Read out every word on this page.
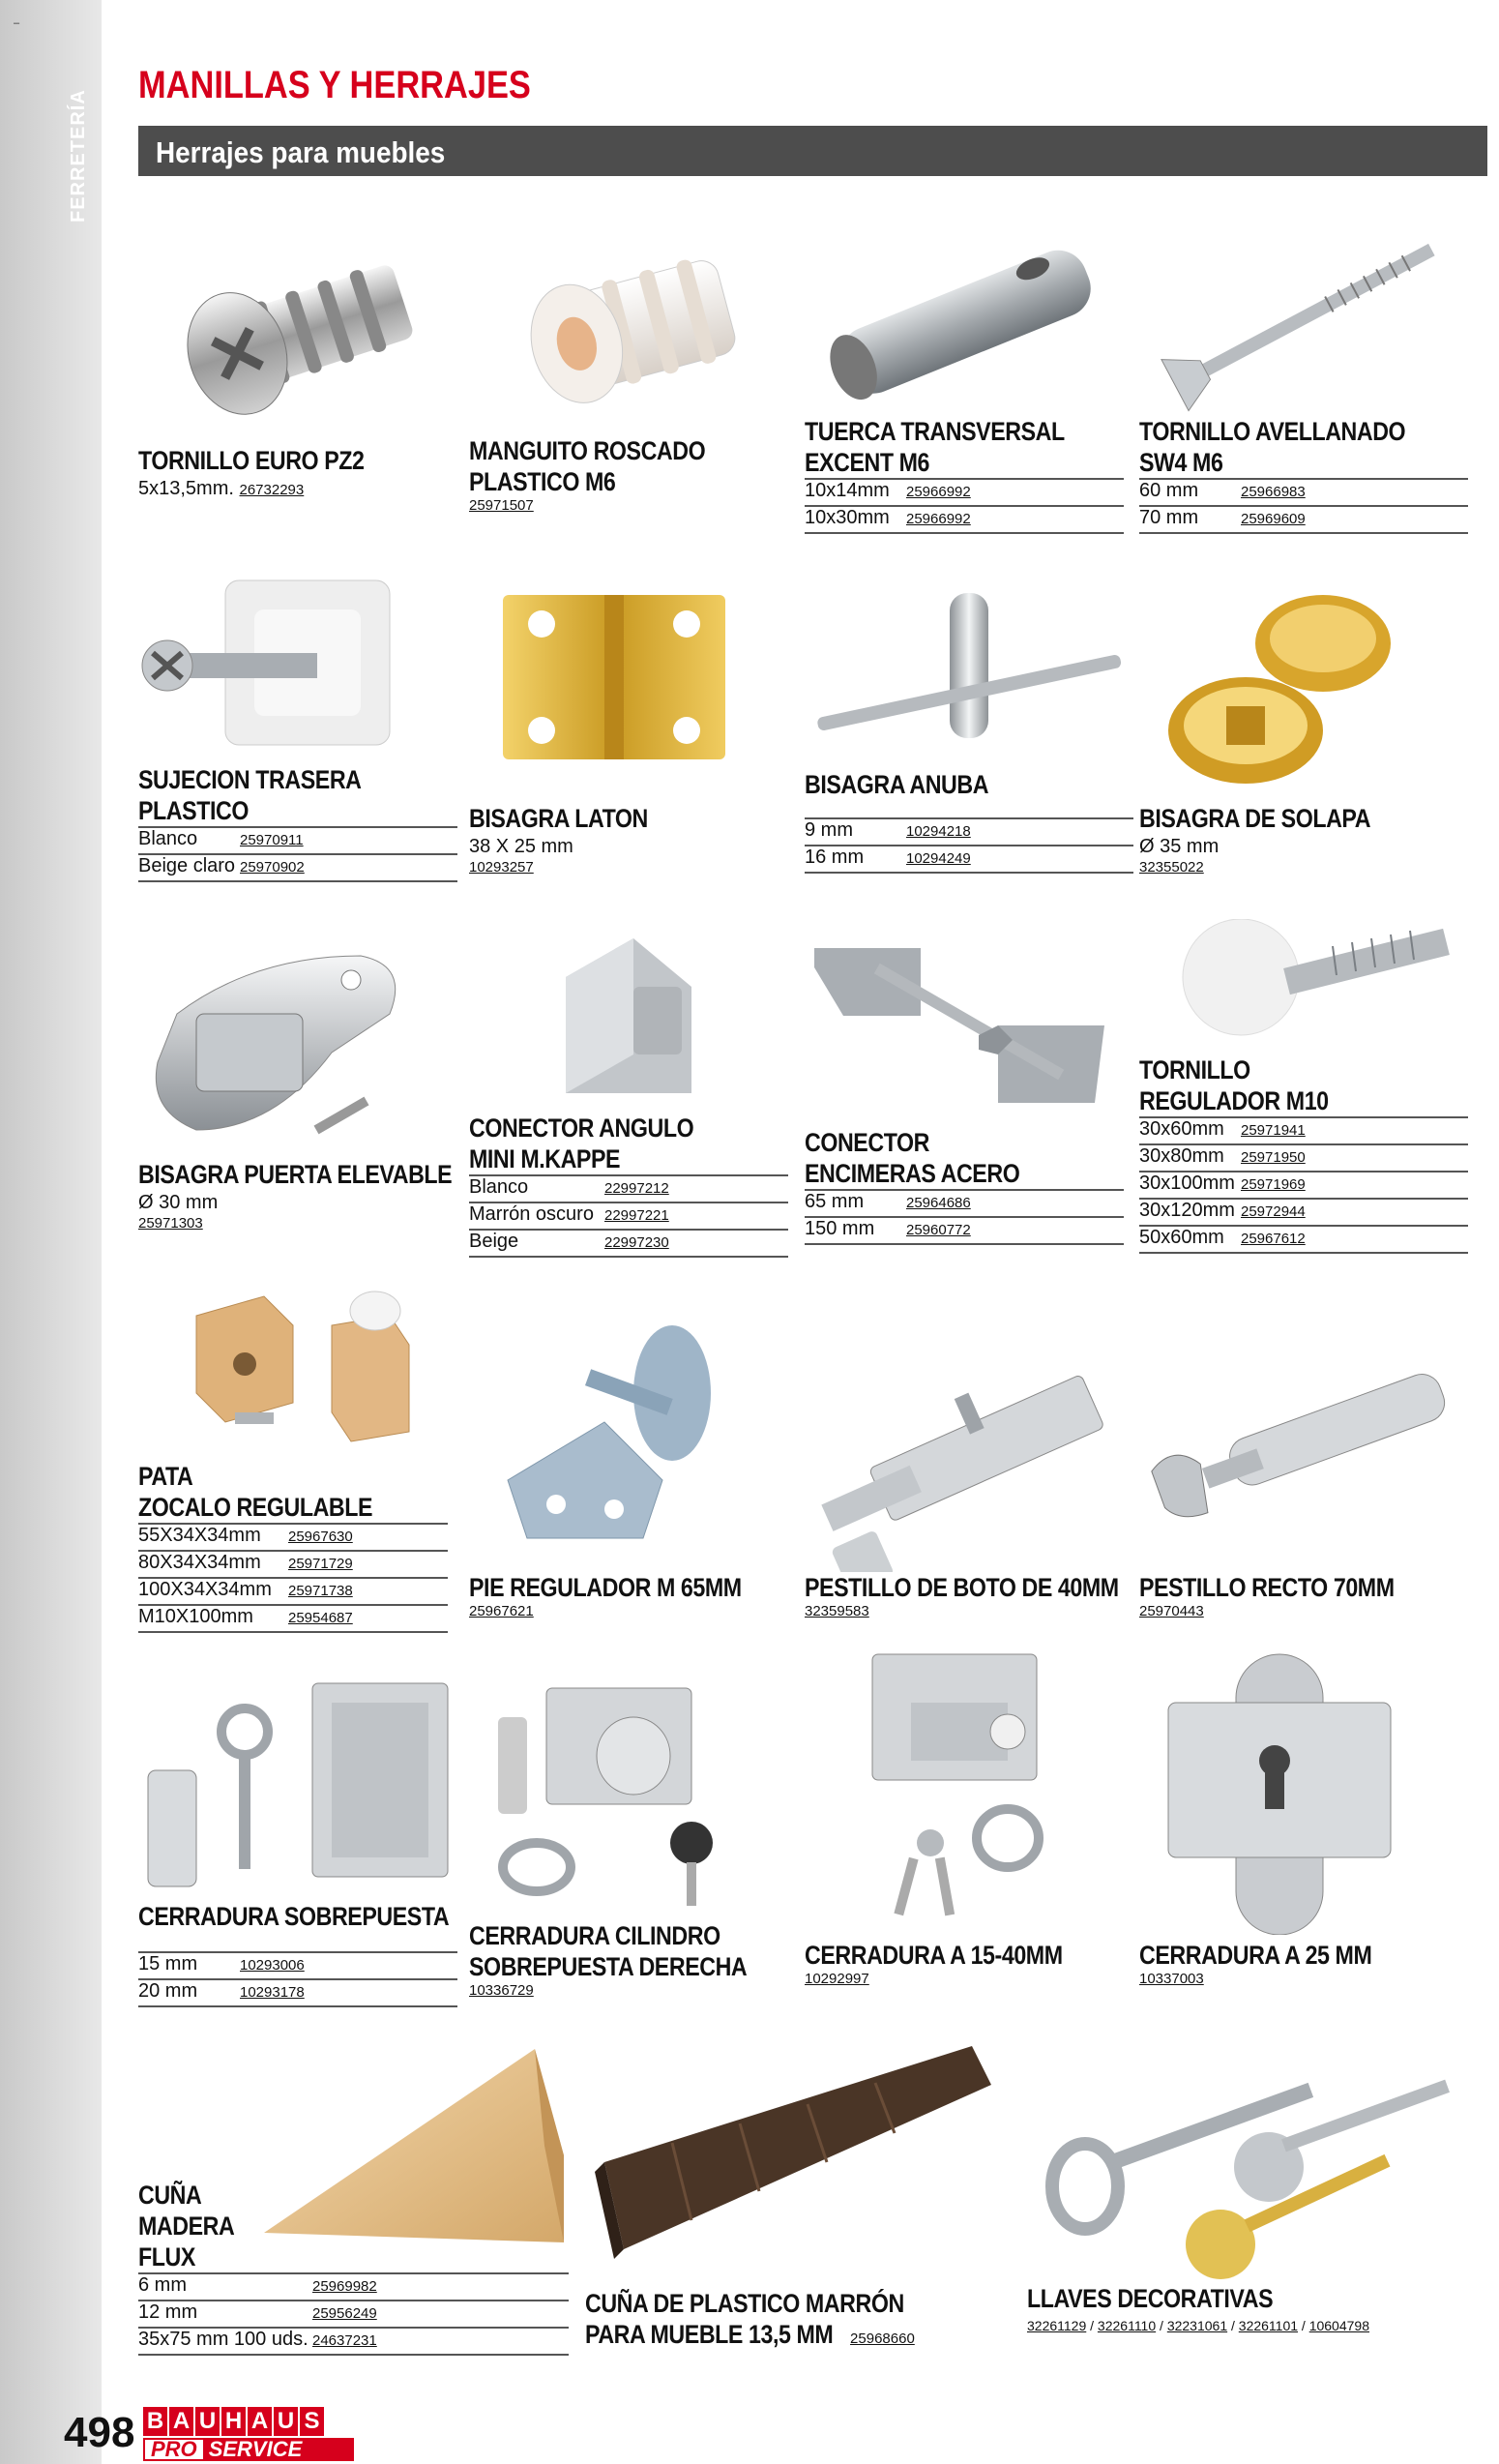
–
FERRETERÍA
MANILLAS Y HERRAJES
Herrajes para muebles
TORNILLO EURO PZ2
5x13,5mm. 26732293
MANGUITO ROSCADO
PLASTICO M6
25971507
TUERCA TRANSVERSAL
EXCENT M6
10x14mm	25966992
10x30mm	25966992
TORNILLO AVELLANADO
SW4 M6
60 mm	25966983
70 mm	25969609
SUJECION TRASERA
PLASTICO
Blanco	25970911
Beige claro 25970902
BISAGRA LATON
38 X 25 mm
10293257
BISAGRA ANUBA
9 mm	10294218
16 mm	10294249
BISAGRA DE SOLAPA
Ø 35 mm
32355022
BISAGRA PUERTA ELEVABLE
Ø 30 mm
25971303
CONECTOR ANGULO
MINI M.KAPPE
Blanco	22997212
Marrón oscuro 22997221
Beige	22997230
CONECTOR
ENCIMERAS ACERO
65 mm	25964686
150 mm	25960772
TORNILLO
REGULADOR M10
30x60mm	25971941
30x80mm	25971950
30x100mm 25971969
30x120mm 25972944
50x60mm	25967612
PATA
ZOCALO REGULABLE
55X34X34mm	25967630
80X34X34mm	25971729
100X34X34mm	25971738
M10X100mm	25954687
PIE REGULADOR M 65MM
25967621
PESTILLO DE BOTO DE 40MM
32359583
PESTILLO RECTO 70MM
25970443
CERRADURA SOBREPUESTA
15 mm	10293006
20 mm	10293178
CERRADURA CILINDRO
SOBREPUESTA DERECHA
10336729
CERRADURA A 15-40MM
10292997
CERRADURA A 25 MM
10337003
CUÑA
MADERA
FLUX
6 mm	25969982
12 mm	25956249
35x75 mm 100 uds. 24637231
CUÑA DE PLASTICO MARRÓN
PARA MUEBLE 13,5 MM 25968660
LLAVES DECORATIVAS
32261129 / 32261110 / 32231061 / 32261101 / 10604798
498 B A U H A U S
PRO SERVICE
